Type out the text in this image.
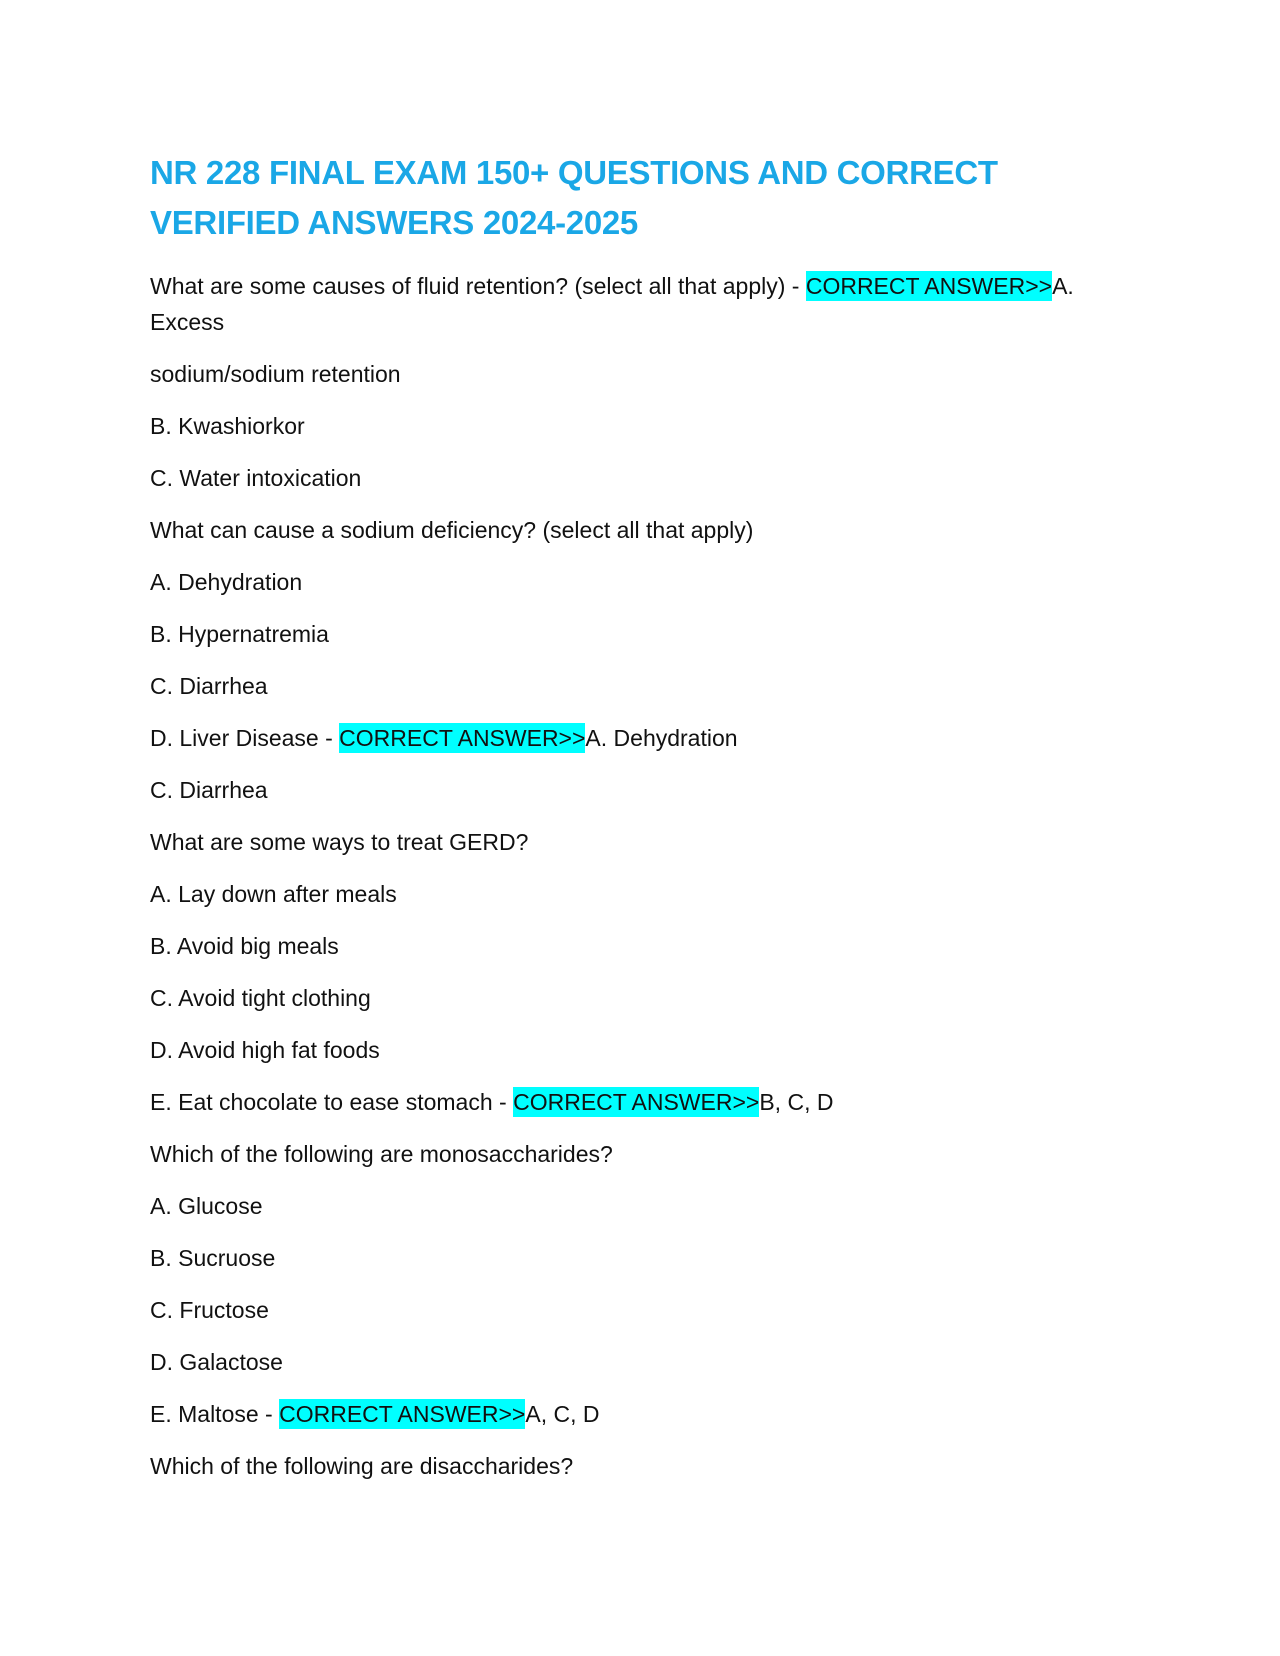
NR 228 FINAL EXAM 150+ QUESTIONS AND CORRECT VERIFIED ANSWERS 2024-2025
What are some causes of fluid retention? (select all that apply) - CORRECT ANSWER>>A. Excess
sodium/sodium retention
B. Kwashiorkor
C. Water intoxication
What can cause a sodium deficiency? (select all that apply)
A. Dehydration
B. Hypernatremia
C. Diarrhea
D. Liver Disease - CORRECT ANSWER>>A. Dehydration
C. Diarrhea
What are some ways to treat GERD?
A. Lay down after meals
B. Avoid big meals
C. Avoid tight clothing
D. Avoid high fat foods
E. Eat chocolate to ease stomach - CORRECT ANSWER>>B, C, D
Which of the following are monosaccharides?
A. Glucose
B. Sucruose
C. Fructose
D. Galactose
E. Maltose - CORRECT ANSWER>>A, C, D
Which of the following are disaccharides?
